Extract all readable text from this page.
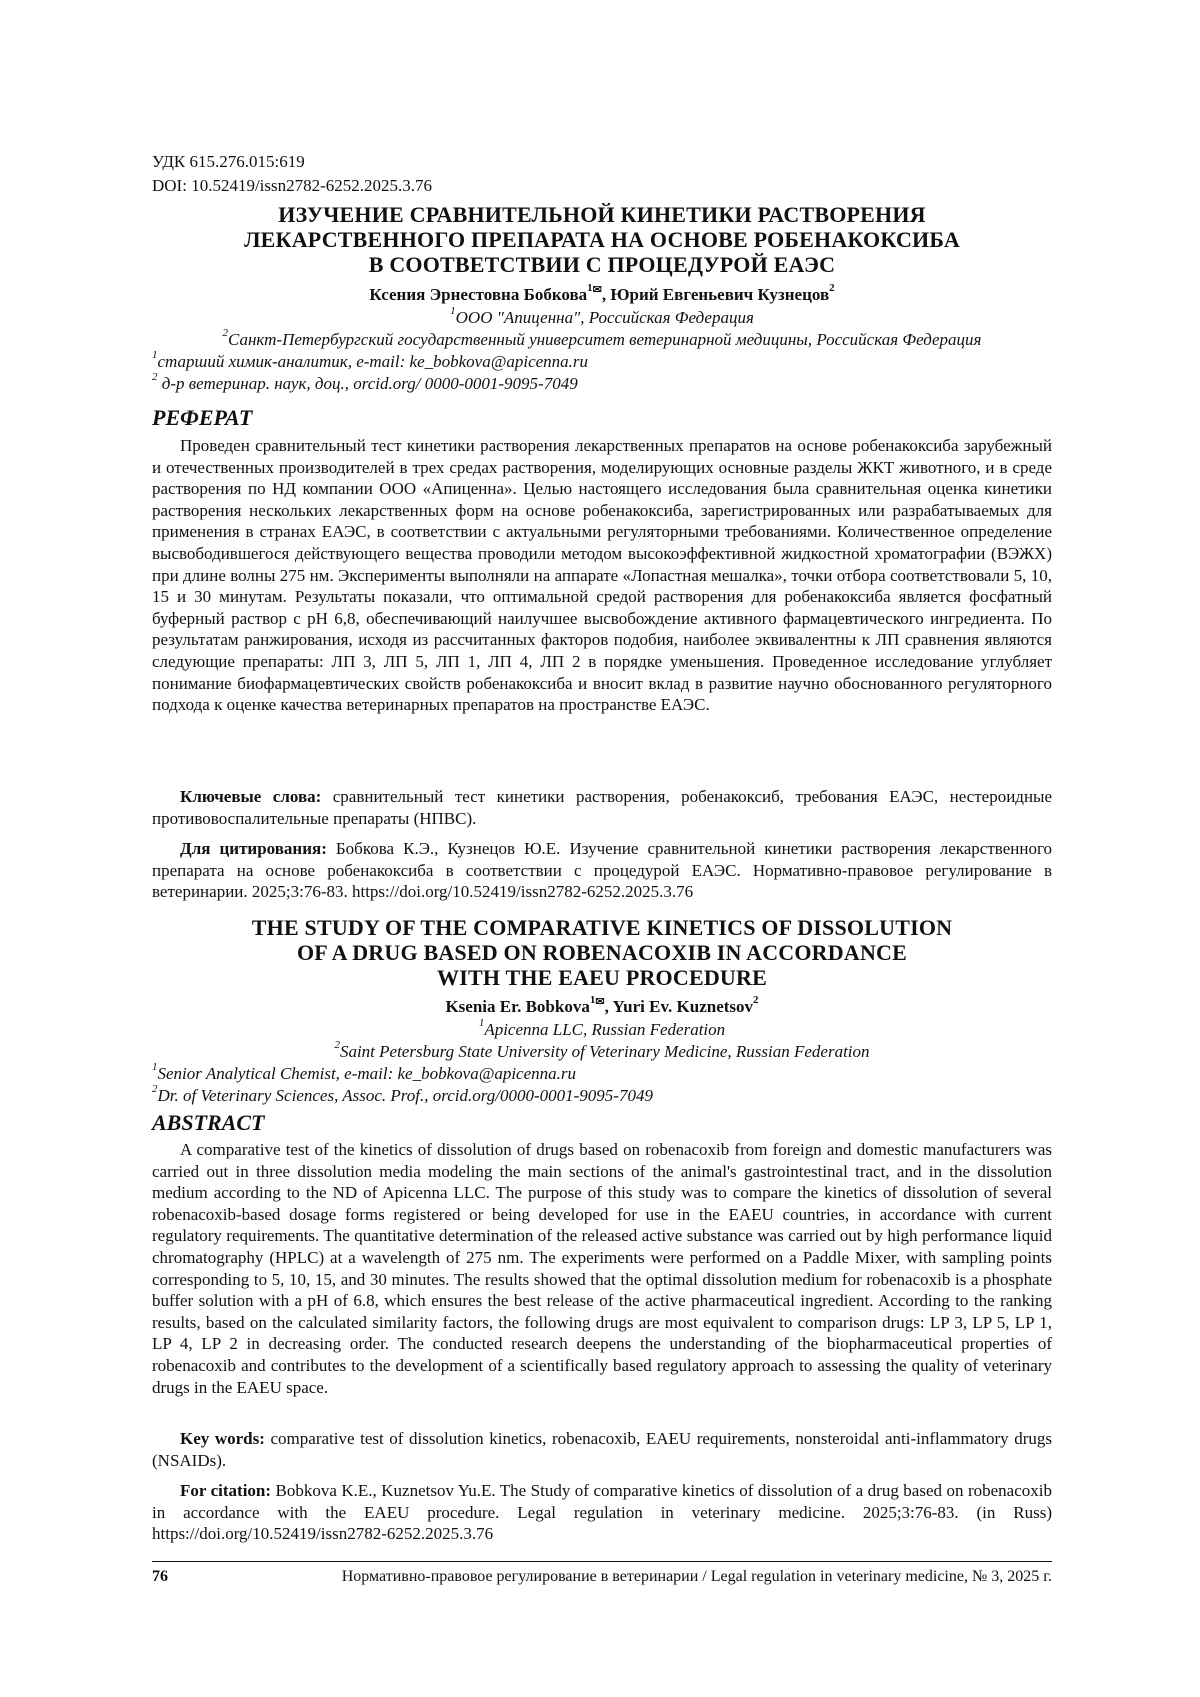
УДК 615.276.015:619
DOI: 10.52419/issn2782-6252.2025.3.76
ИЗУЧЕНИЕ СРАВНИТЕЛЬНОЙ КИНЕТИКИ РАСТВОРЕНИЯ
ЛЕКАРСТВЕННОГО ПРЕПАРАТА НА ОСНОВЕ РОБЕНАКОКСИБА
В СООТВЕТСТВИИ С ПРОЦЕДУРОЙ ЕАЭС
Ксения Эрнестовна Бобкова1✉, Юрий Евгеньевич Кузнецов2
1ООО "Апиценна", Российская Федерация
2Санкт-Петербургский государственный университет ветеринарной медицины, Российская Федерация
1старший химик-аналитик, e-mail: ke_bobkova@apicenna.ru
2 д-р ветеринар. наук, доц., orcid.org/ 0000-0001-9095-7049
РЕФЕРАТ

Проведен сравнительный тест кинетики растворения лекарственных препаратов на основе робенакоксиба зарубежный и отечественных производителей в трех средах растворения, моделирующих основные разделы ЖКТ животного, и в среде растворения по НД компании ООО «Апиценна». Целью настоящего исследования была сравнительная оценка кинетики растворения нескольких лекарственных форм на основе робенакоксиба, зарегистрированных или разрабатываемых для применения в странах ЕАЭС, в соответствии с актуальными регуляторными требованиями. Количественное определение высвободившегося действующего вещества проводили методом высокоэффективной жидкостной хроматографии (ВЭЖХ) при длине волны 275 нм. Эксперименты выполняли на аппарате «Лопастная мешалка», точки отбора соответствовали 5, 10, 15 и 30 минутам. Результаты показали, что оптимальной средой растворения для робенакоксиба является фосфатный буферный раствор с pH 6,8, обеспечивающий наилучшее высвобождение активного фармацевтического ингредиента. По результатам ранжирования, исходя из рассчитанных факторов подобия, наиболее эквивалентны к ЛП сравнения являются следующие препараты: ЛП 3, ЛП 5, ЛП 1, ЛП 4, ЛП 2 в порядке уменьшения. Проведенное исследование углубляет понимание биофармацевтических свойств робенакоксиба и вносит вклад в развитие научно обоснованного регуляторного подхода к оценке качества ветеринарных препаратов на пространстве ЕАЭС.

Ключевые слова: сравнительный тест кинетики растворения, робенакоксиб, требования ЕАЭС, нестероидные противовоспалительные препараты (НПВС).

Для цитирования: Бобкова К.Э., Кузнецов Ю.Е. Изучение сравнительной кинетики растворения лекарственного препарата на основе робенакоксиба в соответствии с процедурой ЕАЭС. Нормативно-правовое регулирование в ветеринарии. 2025;3:76-83. https://doi.org/10.52419/issn2782-6252.2025.3.76

THE STUDY OF THE COMPARATIVE KINETICS OF DISSOLUTION
OF A DRUG BASED ON ROBENACOXIB IN ACCORDANCE
WITH THE EAEU PROCEDURE
Ksenia Er. Bobkova1✉, Yuri Ev. Kuznetsov2
1Apicenna LLC, Russian Federation
2Saint Petersburg State University of Veterinary Medicine, Russian Federation
1Senior Analytical Chemist, e-mail: ke_bobkova@apicenna.ru
2Dr. of Veterinary Sciences, Assoc. Prof., orcid.org/0000-0001-9095-7049
ABSTRACT

A comparative test of the kinetics of dissolution of drugs based on robenacoxib from foreign and domestic manufacturers was carried out in three dissolution media modeling the main sections of the animal's gastrointestinal tract, and in the dissolution medium according to the ND of Apicenna LLC. The purpose of this study was to compare the kinetics of dissolution of several robenacoxib-based dosage forms registered or being developed for use in the EAEU countries, in accordance with current regulatory requirements. The quantitative determination of the released active substance was carried out by high performance liquid chromatography (HPLC) at a wavelength of 275 nm. The experiments were performed on a Paddle Mixer, with sampling points corresponding to 5, 10, 15, and 30 minutes. The results showed that the optimal dissolution medium for robenacoxib is a phosphate buffer solution with a pH of 6.8, which ensures the best release of the active pharmaceutical ingredient. According to the ranking results, based on the calculated similarity factors, the following drugs are most equivalent to comparison drugs: LP 3, LP 5, LP 1, LP 4, LP 2 in decreasing order. The conducted research deepens the understanding of the biopharmaceutical properties of robenacoxib and contributes to the development of a scientifically based regulatory approach to assessing the quality of veterinary drugs in the EAEU space.

Key words: comparative test of dissolution kinetics, robenacoxib, EAEU requirements, nonsteroidal anti-inflammatory drugs (NSAIDs).

For citation: Bobkova K.E., Kuznetsov Yu.E. The Study of comparative kinetics of dissolution of a drug based on robenacoxib in accordance with the EAEU procedure. Legal regulation in veterinary medicine. 2025;3:76-83. (in Russ) https://doi.org/10.52419/issn2782-6252.2025.3.76

76	Нормативно-правовое регулирование в ветеринарии / Legal regulation in veterinary medicine, № 3, 2025 г.
